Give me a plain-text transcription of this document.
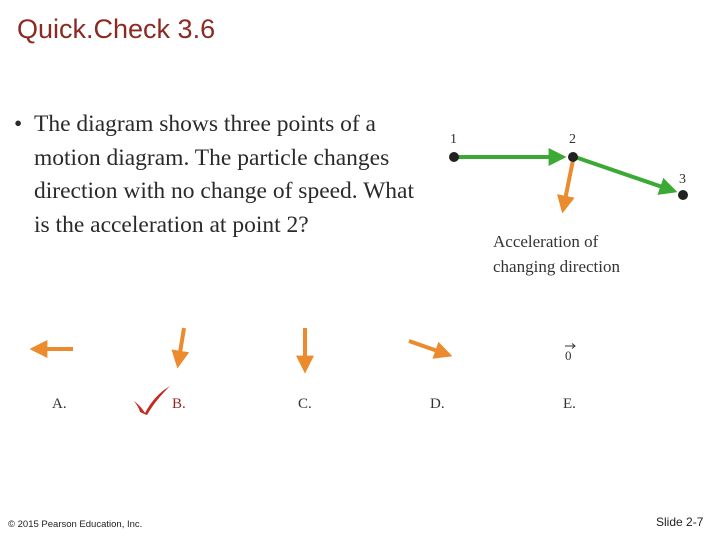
Quick.Check 3.6
• The diagram shows three points of a motion diagram. The particle changes direction with no change of speed. What is the acceleration at point 2?
1	2
3
0
A.	B.	C.	D.	E.
Acceleration of
changing direction
© 2015 Pearson Education, Inc.	Slide 2-7
